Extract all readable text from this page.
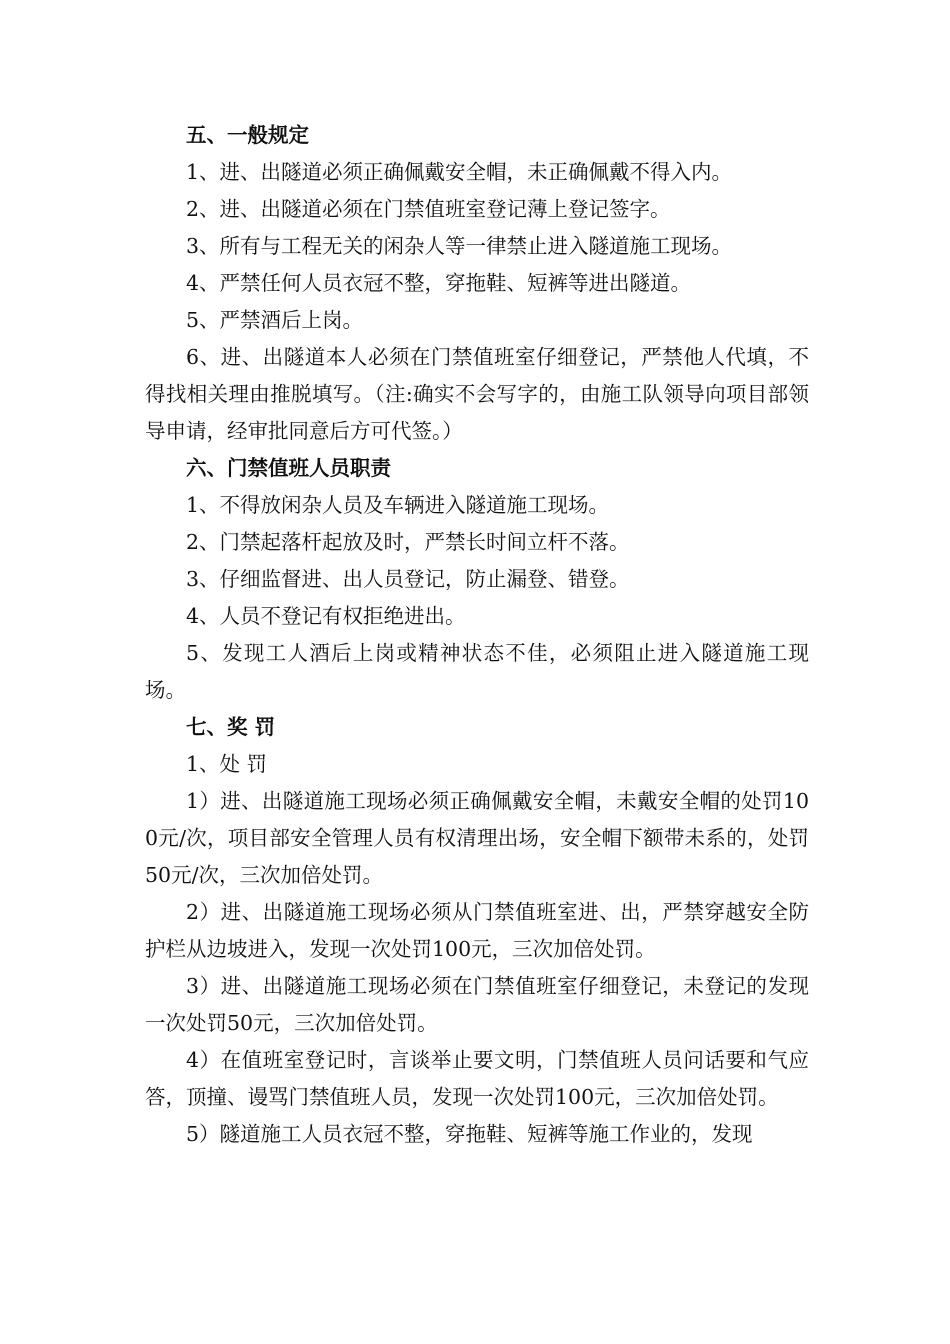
五、一般规定

1、进、出隧道必须正确佩戴安全帽，未正确佩戴不得入内。

2、进、出隧道必须在门禁值班室登记薄上登记签字。

3、所有与工程无关的闲杂人等一律禁止进入隧道施工现场。

4、严禁任何人员衣冠不整，穿拖鞋、短裤等进出隧道。

5、严禁酒后上岗。

6、进、出隧道本人必须在门禁值班室仔细登记，严禁他人代填，不得找相关理由推脱填写。（注:确实不会写字的，由施工队领导向项目部领导申请，经审批同意后方可代签。）

六、门禁值班人员职责

1、不得放闲杂人员及车辆进入隧道施工现场。

2、门禁起落杆起放及时，严禁长时间立杆不落。

3、仔细监督进、出人员登记，防止漏登、错登。

4、人员不登记有权拒绝进出。

5、发现工人酒后上岗或精神状态不佳，必须阻止进入隧道施工现场。

七、奖 罚

1、处 罚

1）进、出隧道施工现场必须正确佩戴安全帽，未戴安全帽的处罚100元/次，项目部安全管理人员有权清理出场，安全帽下额带未系的，处罚50元/次，三次加倍处罚。

2）进、出隧道施工现场必须从门禁值班室进、出，严禁穿越安全防护栏从边坡进入，发现一次处罚100元，三次加倍处罚。

3）进、出隧道施工现场必须在门禁值班室仔细登记，未登记的发现一次处罚50元，三次加倍处罚。

4）在值班室登记时，言谈举止要文明，门禁值班人员问话要和气应答，顶撞、谩骂门禁值班人员，发现一次处罚100元，三次加倍处罚。

5）隧道施工人员衣冠不整，穿拖鞋、短裤等施工作业的，发现
